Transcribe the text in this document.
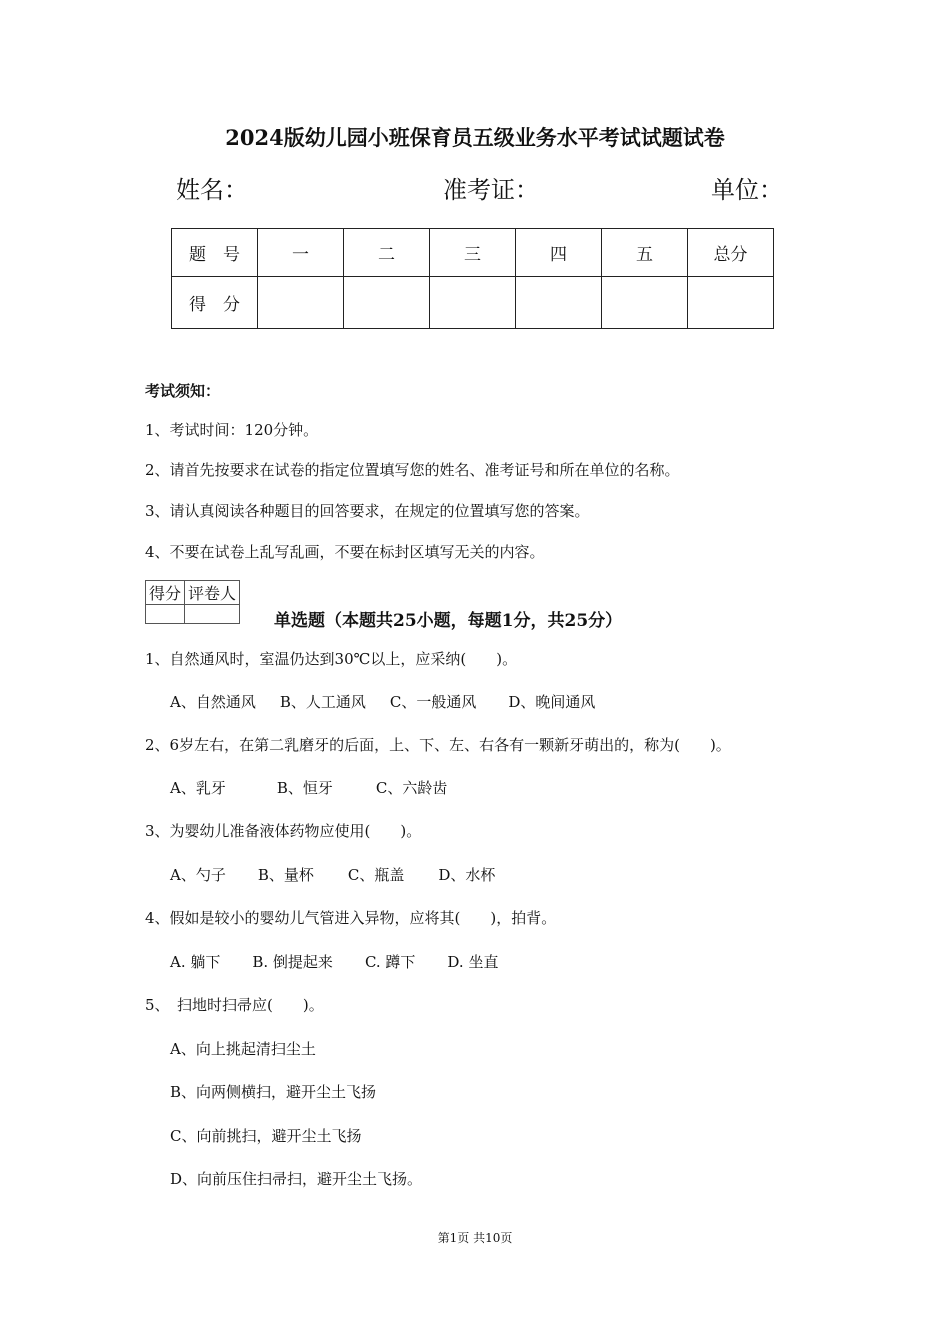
2024版幼儿园小班保育员五级业务水平考试试题试卷
姓名：	准考证：	单位：
题　号	一	二	三	四	五	总分
得　分						
考试须知：
1、考试时间：120分钟。
2、请首先按要求在试卷的指定位置填写您的姓名、准考证号和所在单位的名称。
3、请认真阅读各种题目的回答要求，在规定的位置填写您的答案。
4、不要在试卷上乱写乱画，不要在标封区填写无关的内容。
得分	评卷人

单选题（本题共25小题，每题1分，共25分）
1、自然通风时，室温仍达到30℃以上，应采纳(　　)。
A、自然通风 B、人工通风 C、一般通风 D、晚间通风
2、6岁左右，在第二乳磨牙的后面，上、下、左、右各有一颗新牙萌出的，称为(　　)。
A、乳牙	B、恒牙	C、六龄齿
3、为婴幼儿准备液体药物应使用(　　)。
A、勺子 B、量杯 C、瓶盖 D、水杯
4、假如是较小的婴幼儿气管进入异物，应将其(　　)，拍背。
A. 躺下 B. 倒提起来 C. 蹲下 D. 坐直
5、　扫地时扫帚应(　　)。
A、向上挑起清扫尘土
B、向两侧横扫，避开尘土飞扬
C、向前挑扫，避开尘土飞扬
D、向前压住扫帚扫，避开尘土飞扬。
第1页 共10页
